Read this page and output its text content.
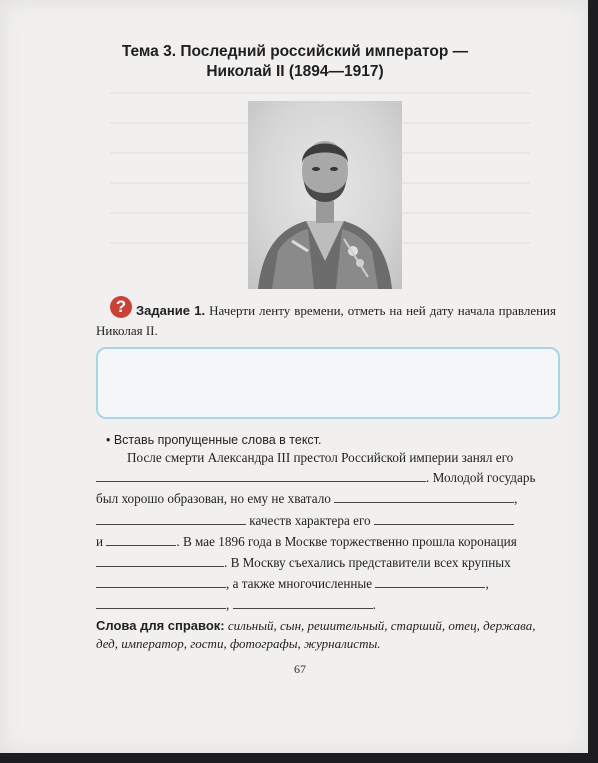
Тема 3. Последний российский император —
Николай II (1894—1917)
? Задание 1. Начерти ленту времени, отметь на ней дату начала правления Николая II.
• Вставь пропущенные слова в текст.
После смерти Александра III престол Российской империи занял его
. Молодой государь
был хорошо образован, но ему не хватало	,
качеств характера его
и	. В мае 1896 года в Москве торжественно прошла коронация
. В Москву съехались представители всех крупных
, а также многочисленные	,
,	.
Слова для справок: сильный, сын, решительный, старший, отец, держава, дед, император, гости, фотографы, журналисты.
67
